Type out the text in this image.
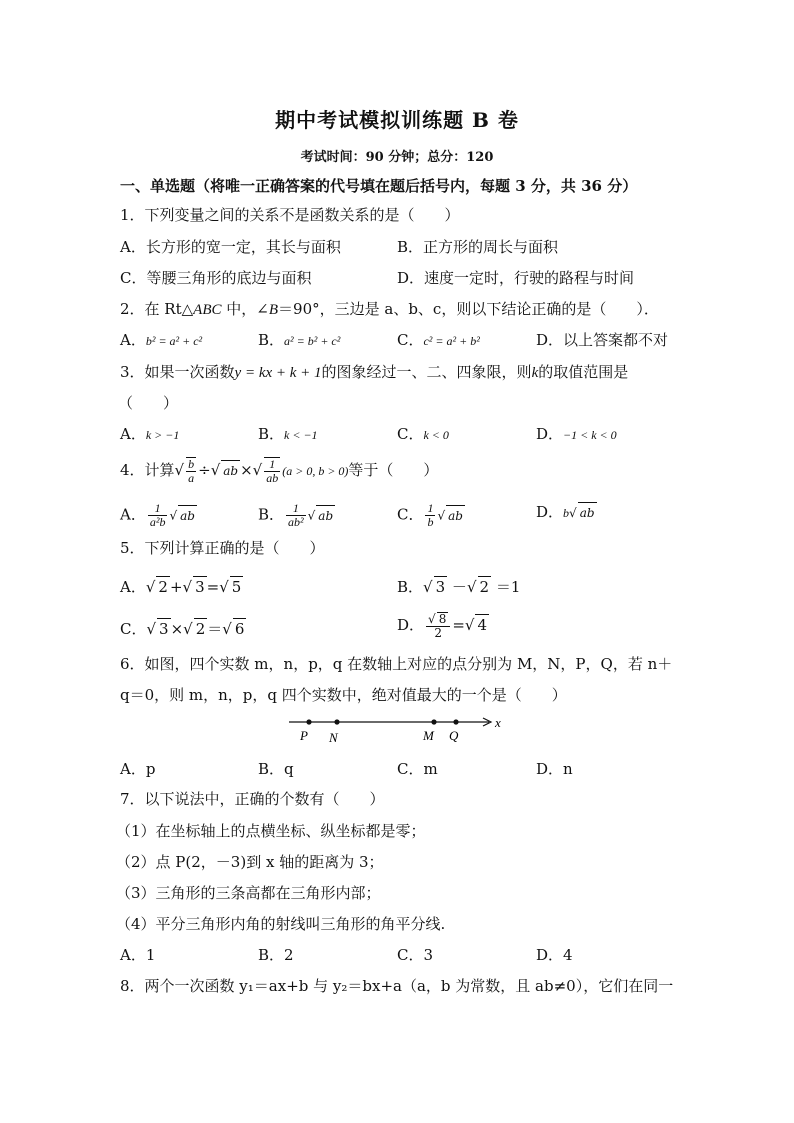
期中考试模拟训练题 B 卷
考试时间：90 分钟；总分：120
一、单选题（将唯一正确答案的代号填在题后括号内，每题 3 分，共 36 分）
1．下列变量之间的关系不是函数关系的是（　　）
A．长方形的宽一定，其长与面积	B．正方形的周长与面积
C．等腰三角形的底边与面积	D．速度一定时，行驶的路程与时间
2．在 Rt△ABC 中，∠B＝90°，三边是 a、b、c，则以下结论正确的是（　　）．
A．b² = a² + c²	B．a² = b² + c²	C．c² = a² + b²	D．以上答案都不对
3．如果一次函数y = kx + k + 1的图象经过一、二、四象限，则k的取值范围是
（　　）
A．k > −1	B．k < −1	C．k < 0	D．−1 < k < 0
4．计算√ $\frac{b}{a}$ ÷√ ab ×√ $\frac{1}{ab} (a > 0$, b > 0)等于（　　）
A． $\frac{1}{\text{a²b}}$ √ ab	B． $\frac{1}{\text{ab²}}$ √ ab	C． $\frac{1}{b}$ √ ab	D．b√ ab
5．下列计算正确的是（　　）
A．√ 2 +√ 3 =√ 5	B．√ 3 －√ 2 ＝1
C．√ 3 ×√ 2 ＝√ 6	D． $\frac{√ 8}{2}$ =√ 4
6．如图，四个实数 m，n，p，q 在数轴上对应的点分别为 M，N，P，Q，若 n＋
q＝0，则 m，n，p，q 四个实数中，绝对值最大的一个是（　　）
x
P N	M Q
A．p	B．q	C．m	D．n
7．以下说法中，正确的个数有（　　）
（1）在坐标轴上的点横坐标、纵坐标都是零；
（2）点 P(2，－3)到 x 轴的距离为 3；
（3）三角形的三条高都在三角形内部；
（4）平分三角形内角的射线叫三角形的角平分线.
A．1	B．2	C．3	D．4
8．两个一次函数 y₁＝ax+b 与 y₂＝bx+a（a，b 为常数，且 ab≠0），它们在同一
